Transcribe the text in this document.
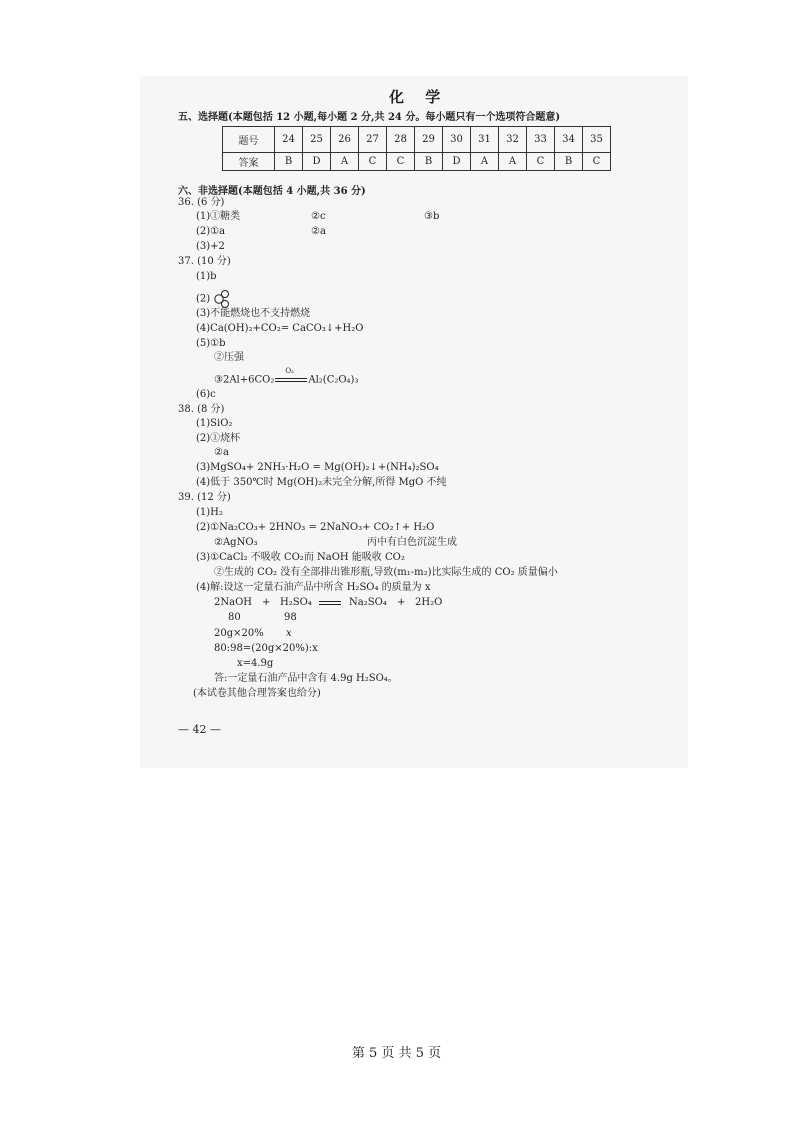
化 学
五、选择题(本题包括 12 小题,每小题 2 分,共 24 分。每小题只有一个选项符合题意)
题号	24	25	26	27	28	29	30	31	32	33	34	35
答案	B	D	A	C	C	B	D	A	A	C	B	C
六、非选择题(本题包括 4 小题,共 36 分)
36. (6 分)
(1)①糖类	②c	③b
(2)①a	②a
(3)+2
37. (10 分)
(1)b
(2)
(3)不能燃烧也不支持燃烧
(4)Ca(OH)₂+CO₂= CaCO₃↓+H₂O
(5)①b
②压强
③2Al+6CO₂
O₂
Al₂(C₂O₄)₃
(6)c
38. (8 分)
(1)SiO₂
(2)①烧杯
②a
(3)MgSO₄+ 2NH₃·H₂O = Mg(OH)₂↓+(NH₄)₂SO₄
(4)低于 350℃时 Mg(OH)₂未完全分解,所得 MgO 不纯
39. (12 分)
(1)H₂
(2)①Na₂CO₃+ 2HNO₃ = 2NaNO₃+ CO₂↑+ H₂O
②AgNO₃	丙中有白色沉淀生成
(3)①CaCl₂ 不吸收 CO₂而 NaOH 能吸收 CO₂
②生成的 CO₂ 没有全部排出锥形瓶,导致(m₁-m₂)比实际生成的 CO₂ 质量偏小
(4)解:设这一定量石油产品中所含 H₂SO₄ 的质量为 x
2NaOH + H₂SO₄	Na₂SO₄ + 2H₂O
80	98
20g×20% x
80:98=(20g×20%):x
x=4.9g
答:一定量石油产品中含有 4.9g H₂SO₄。
(本试卷其他合理答案也给分)
— 42 —
第 5 页 共 5 页
